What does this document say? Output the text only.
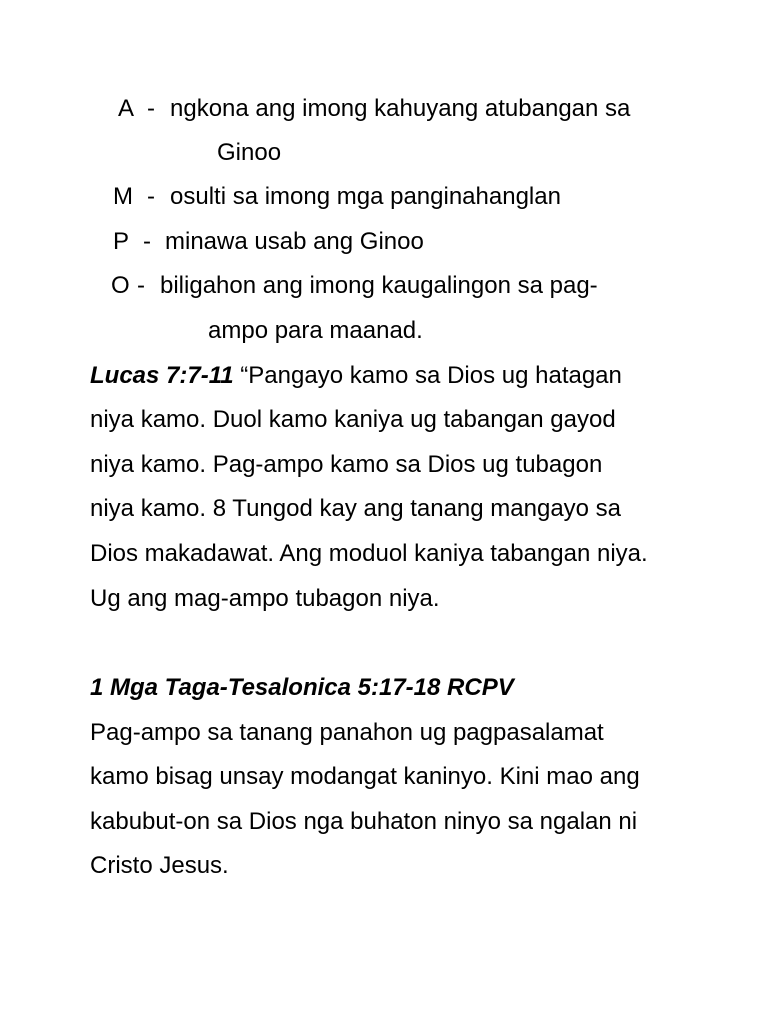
A - ngkona ang imong kahuyang atubangan sa
Ginoo
M - osulti sa imong mga panginahanglan
P - minawa usab ang Ginoo
O - biligahon ang imong kaugalingon sa pag-
ampo para maanad.
Lucas 7:7-11 “Pangayo kamo sa Dios ug hatagan
niya kamo. Duol kamo kaniya ug tabangan gayod
niya kamo. Pag-ampo kamo sa Dios ug tubagon
niya kamo. 8 Tungod kay ang tanang mangayo sa
Dios makadawat. Ang moduol kaniya tabangan niya.
Ug ang mag-ampo tubagon niya.
1 Mga Taga-Tesalonica 5:17-18 RCPV
Pag-ampo sa tanang panahon ug pagpasalamat
kamo bisag unsay modangat kaninyo. Kini mao ang
kabubut-on sa Dios nga buhaton ninyo sa ngalan ni
Cristo Jesus.
